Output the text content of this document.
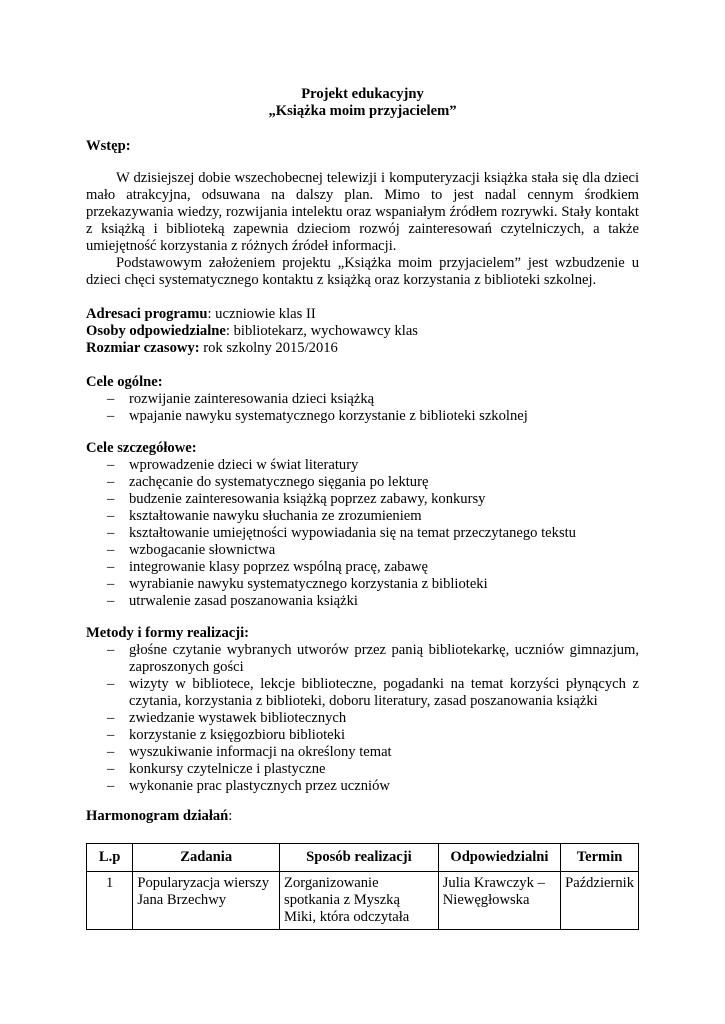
Projekt edukacyjny
„Książka moim przyjacielem”
Wstęp:
W dzisiejszej dobie wszechobecnej telewizji i komputeryzacji książka stała się dla dzieci mało atrakcyjna, odsuwana na dalszy plan. Mimo to jest nadal cennym środkiem przekazywania wiedzy, rozwijania intelektu oraz wspaniałym źródłem rozrywki. Stały kontakt z książką i biblioteką zapewnia dzieciom rozwój zainteresowań czytelniczych, a także umiejętność korzystania z różnych źródeł informacji.
Podstawowym założeniem projektu „Książka moim przyjacielem” jest wzbudzenie u dzieci chęci systematycznego kontaktu z książką oraz korzystania z biblioteki szkolnej.
Adresaci programu: uczniowie klas II
Osoby odpowiedzialne: bibliotekarz, wychowawcy klas
Rozmiar czasowy: rok szkolny 2015/2016
Cele ogólne:
– rozwijanie zainteresowania dzieci książką
– wpajanie nawyku systematycznego korzystanie z biblioteki szkolnej
Cele szczegółowe:
– wprowadzenie dzieci w świat literatury
– zachęcanie do systematycznego sięgania po lekturę
– budzenie zainteresowania książką poprzez zabawy, konkursy
– kształtowanie nawyku słuchania ze zrozumieniem
– kształtowanie umiejętności wypowiadania się na temat przeczytanego tekstu
– wzbogacanie słownictwa
– integrowanie klasy poprzez wspólną pracę, zabawę
– wyrabianie nawyku systematycznego korzystania z biblioteki
– utrwalenie zasad poszanowania książki
Metody i formy realizacji:
– głośne czytanie wybranych utworów przez panią bibliotekarkę, uczniów gimnazjum, zaproszonych gości
– wizyty w bibliotece, lekcje biblioteczne, pogadanki na temat korzyści płynących z czytania, korzystania z biblioteki, doboru literatury, zasad poszanowania książki
– zwiedzanie wystawek bibliotecznych
– korzystanie z księgozbioru biblioteki
– wyszukiwanie informacji na określony temat
– konkursy czytelnicze i plastyczne
– wykonanie prac plastycznych przez uczniów
Harmonogram działań:
L.p	Zadania	Sposób realizacji	Odpowiedzialni	Termin
1	Popularyzacja wierszy Jana Brzechwy	Zorganizowanie spotkania z Myszką Miki, która odczytała	Julia Krawczyk – Niewęgłowska	Październik
